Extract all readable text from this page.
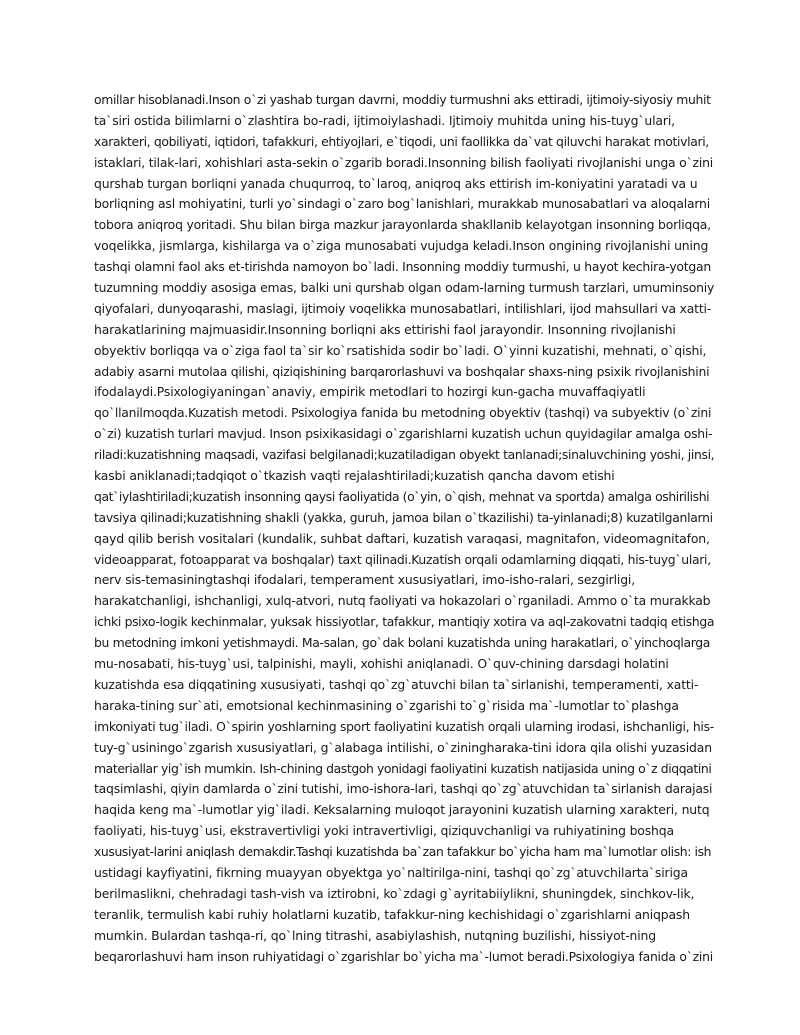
omillar hisoblanadi.Inson o`zi yashab turgan davrni, moddiy turmushni aks ettiradi, ijtimoiy-siyosiy muhit
ta`siri ostida bilimlarni o`zlashtira bo-radi, ijtimoiylashadi. Ijtimoiy muhitda uning his-tuyg`ulari,
xarakteri, qobiliyati, iqtidori, tafakkuri, ehtiyojlari, e`tiqodi, uni faollikka da`vat qiluvchi harakat motivlari,
istaklari, tilak-lari, xohishlari asta-sekin o`zgarib boradi.Insonning bilish faoliyati rivojlanishi unga o`zini
qurshab turgan borliqni yanada chuqurroq, to`laroq, aniqroq aks ettirish im-koniyatini yaratadi va u
borliqning asl mohiyatini, turli yo`sindagi o`zaro bog`lanishlari, murakkab munosabatlari va aloqalarni
tobora aniqroq yoritadi. Shu bilan birga mazkur jarayonlarda shakllanib kelayotgan insonning borliqqa,
voqelikka, jismlarga, kishilarga va o`ziga munosabati vujudga keladi.Inson ongining rivojlanishi uning
tashqi olamni faol aks et-tirishda namoyon bo`ladi. Insonning moddiy turmushi, u hayot kechira-yotgan
tuzumning moddiy asosiga emas, balki uni qurshab olgan odam-larning turmush tarzlari, umuminsoniy
qiyofalari, dunyoqarashi, maslagi, ijtimoiy voqelikka munosabatlari, intilishlari, ijod mahsullari va xatti-
harakatlarining majmuasidir.Insonning borliqni aks ettirishi faol jarayondir. Insonning rivojlanishi
obyektiv borliqqa va o`ziga faol ta`sir ko`rsatishida sodir bo`ladi. O`yinni kuzatishi, mehnati, o`qishi,
adabiy asarni mutolaa qilishi, qiziqishining barqarorlashuvi va boshqalar shaxs-ning psixik rivojlanishini
ifodalaydi.Psixologiyaningan`anaviy, empirik metodlari to hozirgi kun-gacha muvaffaqiyatli
qo`llanilmoqda.Kuzatish metodi. Psixologiya fanida bu metodning obyektiv (tashqi) va subyektiv (o`zini
o`zi) kuzatish turlari mavjud. Inson psixikasidagi o`zgarishlarni kuzatish uchun quyidagilar amalga oshi-
riladi:kuzatishning maqsadi, vazifasi belgilanadi;kuzatiladigan obyekt tanlanadi;sinaluvchining yoshi, jinsi,
kasbi aniklanadi;tadqiqot o`tkazish vaqti rejalashtiriladi;kuzatish qancha davom etishi
qat`iylashtiriladi;kuzatish insonning qaysi faoliyatida (o`yin, o`qish, mehnat va sportda) amalga oshirilishi
tavsiya qilinadi;kuzatishning shakli (yakka, guruh, jamoa bilan o`tkazilishi) ta-yinlanadi;8) kuzatilganlarni
qayd qilib berish vositalari (kundalik, suhbat daftari, kuzatish varaqasi, magnitafon, videomagnitafon,
videoapparat, fotoapparat va boshqalar) taxt qilinadi.Kuzatish orqali odamlarning diqqati, his-tuyg`ulari,
nerv sis-temasiningtashqi ifodalari, temperament xususiyatlari, imo-isho-ralari, sezgirligi,
harakatchanligi, ishchanligi, xulq-atvori, nutq faoliyati va hokazolari o`rganiladi. Ammo o`ta murakkab
ichki psixo-logik kechinmalar, yuksak hissiyotlar, tafakkur, mantiqiy xotira va aql-zakovatni tadqiq etishga
bu metodning imkoni yetishmaydi. Ma-salan, go`dak bolani kuzatishda uning harakatlari, o`yinchoqlarga
mu-nosabati, his-tuyg`usi, talpinishi, mayli, xohishi aniqlanadi. O`quv-chining darsdagi holatini
kuzatishda esa diqqatining xususiyati, tashqi qo`zg`atuvchi bilan ta`sirlanishi, temperamenti, xatti-
haraka-tining sur`ati, emotsional kechinmasining o`zgarishi to`g`risida ma`-lumotlar to`plashga
imkoniyati tug`iladi. O`spirin yoshlarning sport faoliyatini kuzatish orqali ularning irodasi, ishchanligi, his-
tuy-g`usiningo`zgarish xususiyatlari, g`alabaga intilishi, o`ziningharaka-tini idora qila olishi yuzasidan
materiallar yig`ish mumkin. Ish-chining dastgoh yonidagi faoliyatini kuzatish natijasida uning o`z diqqatini
taqsimlashi, qiyin damlarda o`zini tutishi, imo-ishora-lari, tashqi qo`zg`atuvchidan ta`sirlanish darajasi
haqida keng ma`-lumotlar yig`iladi. Keksalarning muloqot jarayonini kuzatish ularning xarakteri, nutq
faoliyati, his-tuyg`usi, ekstravertivligi yoki intravertivligi, qiziquvchanligi va ruhiyatining boshqa
xususiyat-larini aniqlash demakdir.Tashqi kuzatishda ba`zan tafakkur bo`yicha ham ma`lumotlar olish: ish
ustidagi kayfiyatini, fikrning muayyan obyektga yo`naltirilga-nini, tashqi qo`zg`atuvchilarta`siriga
berilmaslikni, chehradagi tash-vish va iztirobni, ko`zdagi g`ayritabiiylikni, shuningdek, sinchkov-lik,
teranlik, termulish kabi ruhiy holatlarni kuzatib, tafakkur-ning kechishidagi o`zgarishlarni aniqpash
mumkin. Bulardan tashqa-ri, qo`lning titrashi, asabiylashish, nutqning buzilishi, hissiyot-ning
beqarorlashuvi ham inson ruhiyatidagi o`zgarishlar bo`yicha ma`-lumot beradi.Psixologiya fanida o`zini
